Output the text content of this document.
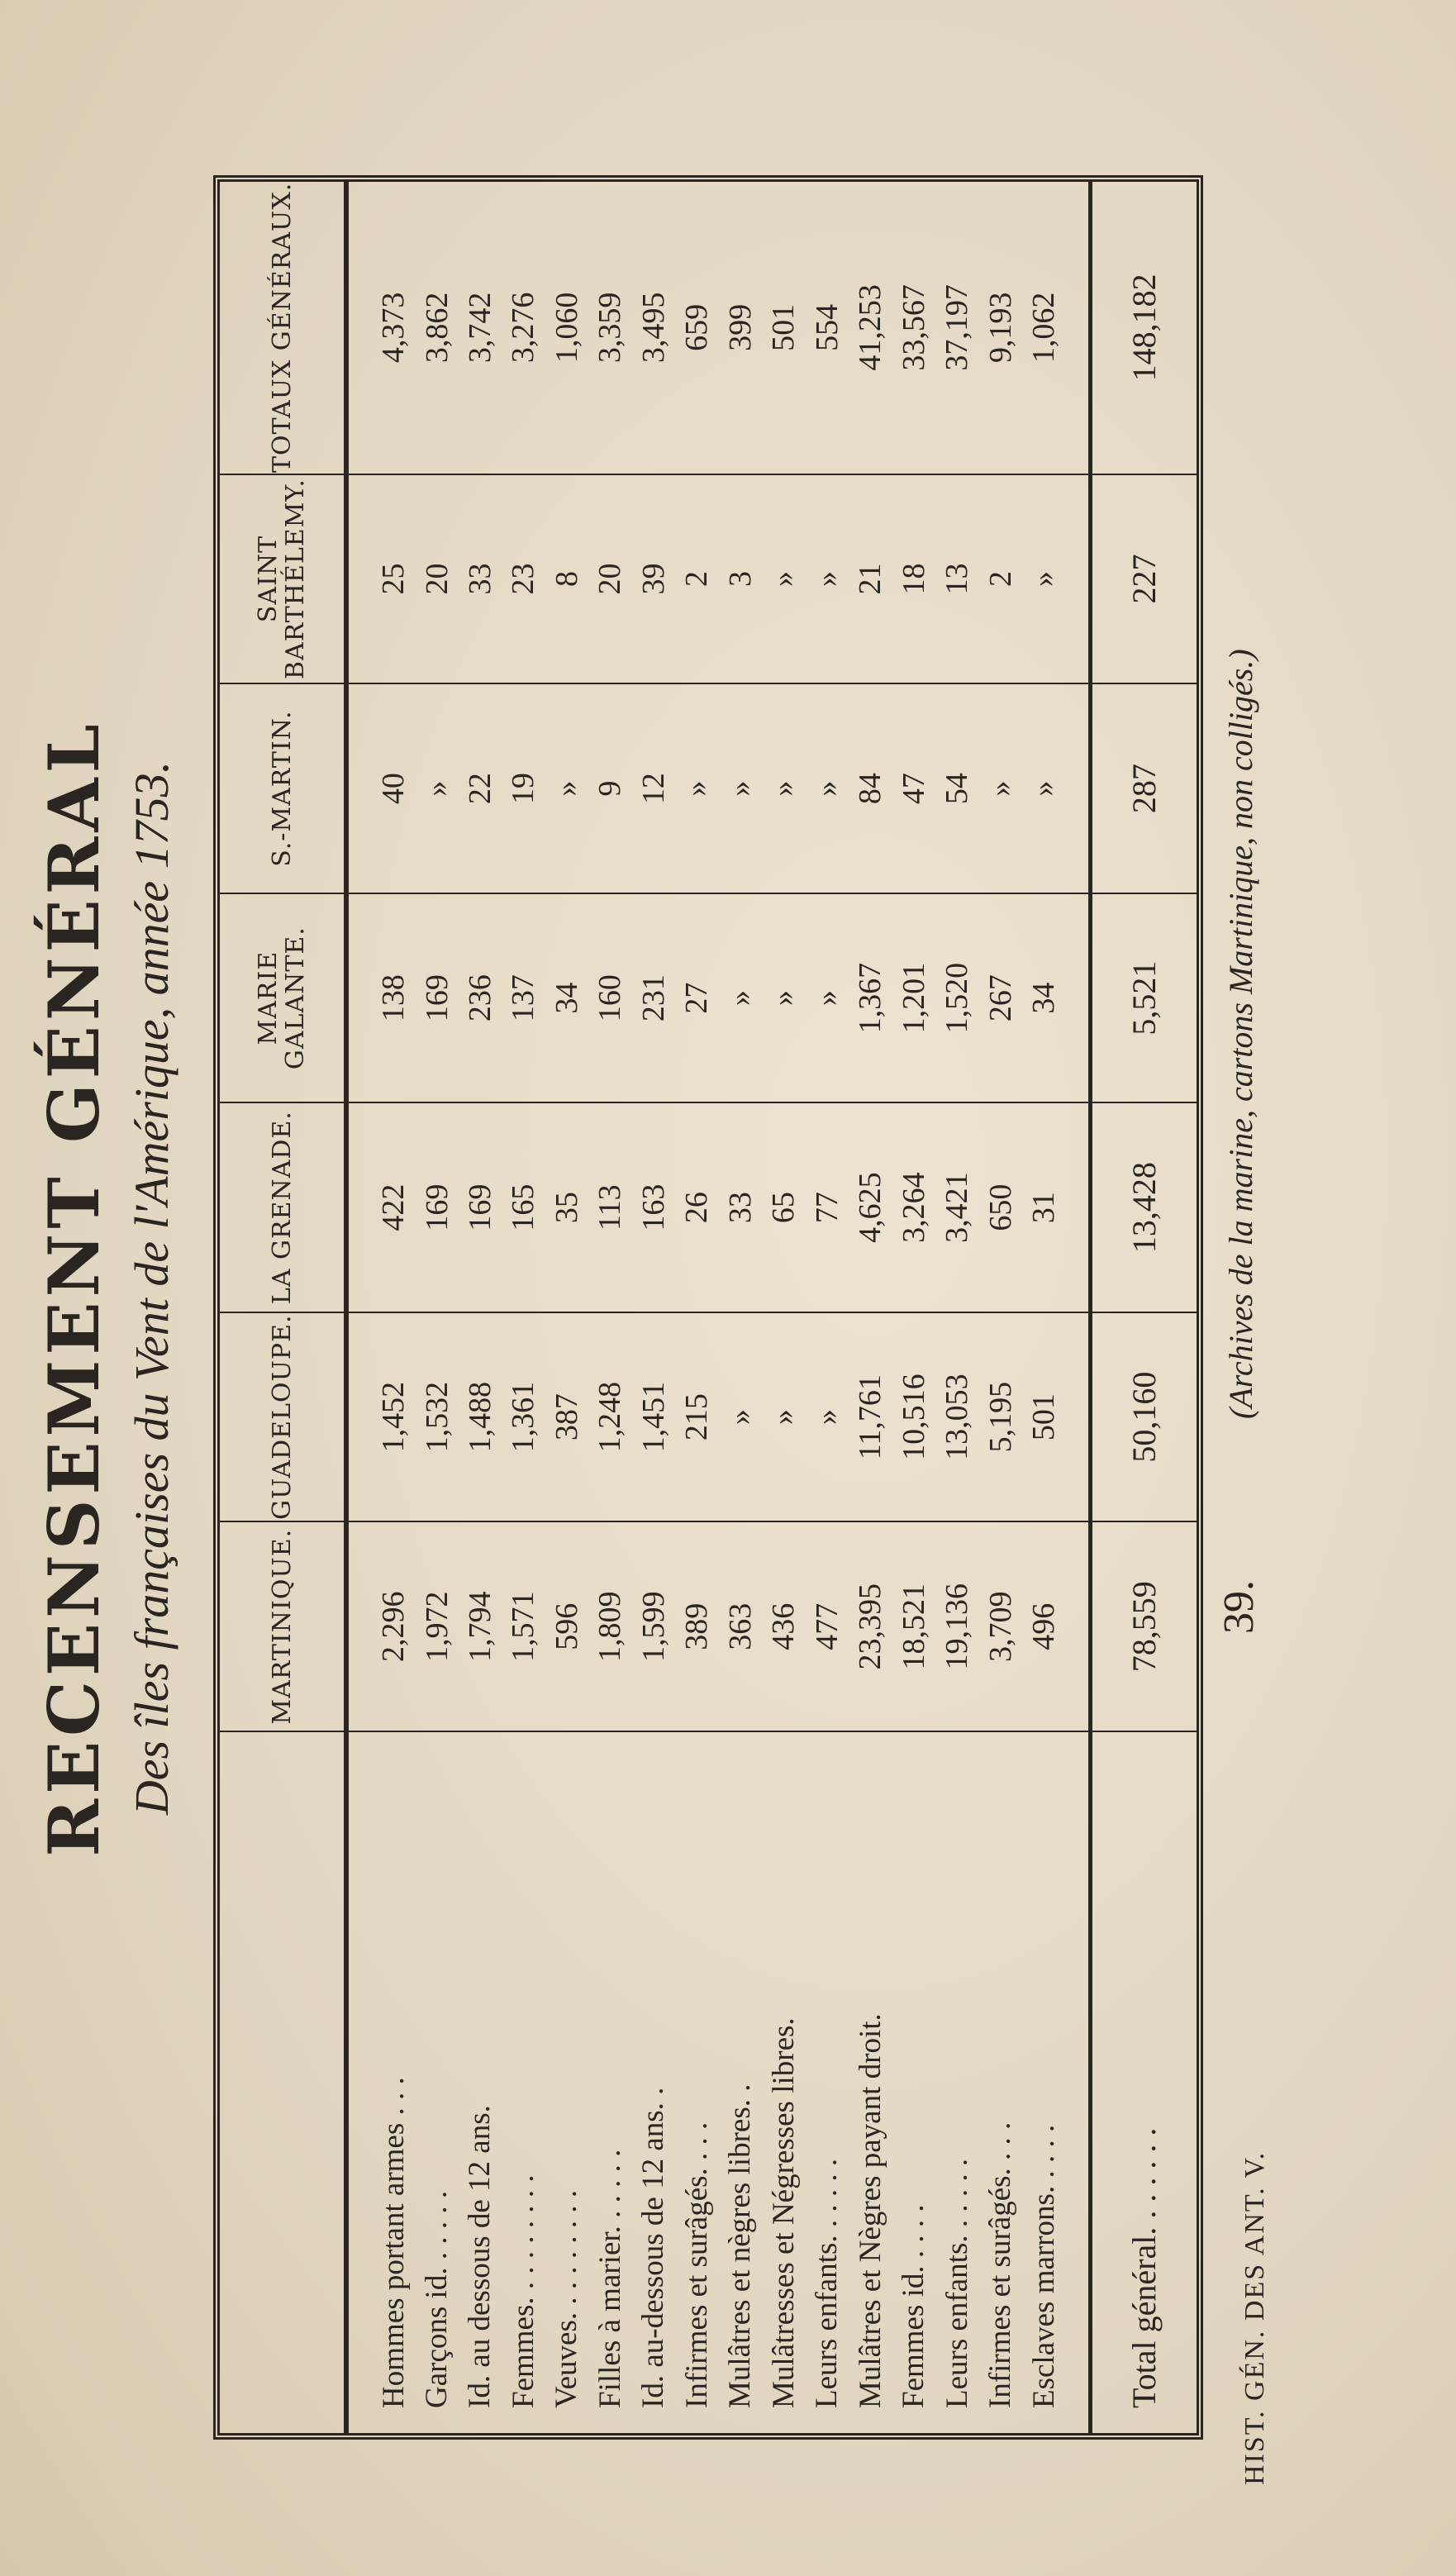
RECENSEMENT GÉNÉRAL Des îles françaises du Vent de l'Amérique, année 1753.
		MARTINIQUE.	GUADELOUPE.	LA GRENADE.	MARIE GALANTE.	S.-MARTIN.	SAINT BARTHÉLEMY.	TOTAUX GÉNÉRAUX.

Hommes portant armes . . .	2,296	1,452	422	138	40	25	4,373
Garçons id. . . . . .	1,972	1,532	169	169	»	20	3,862
Id. au dessous de 12 ans.	1,794	1,488	169	236	22	33	3,742
Femmes. . . . . . . . .	1,571	1,361	165	137	19	23	3,276
Veuves. . . . . . . . .	596	387	35	34	»	8	1,060
Filles à marier. . . . . .	1,809	1,248	113	160	9	20	3,359
Id. au-dessous de 12 ans. .	1,599	1,451	163	231	12	39	3,495
Infirmes et surâgés. . . .	389	215	26	27	»	2	659
Mulâtres et nègres libres. .	363	»	33	»	»	3	399
Mulâtresses et Négresses libres.	436	»	65	»	»	»	501
Leurs enfants. . . . . .	477	»	77	»	»	»	554
Mulâtres et Nègres payant droit.	23,395	11,761	4,625	1,367	84	21	41,253
Femmes id. . . . .	18,521	10,516	3,264	1,201	47	18	33,567
Leurs enfants. . . . . .	19,136	13,053	3,421	1,520	54	13	37,197
Infirmes et surâgés. . . .	3,709	5,195	650	267	»	2	9,193
Esclaves marrons. . . . .	496	501	31	34	»	»	1,062

Total général. . . . . . .	78,559	50,160	13,428	5,521	287	227	148,182
HIST. GÉN. DES ANT. V.
39.
(Archives de la marine, cartons Martinique, non colligés.)
